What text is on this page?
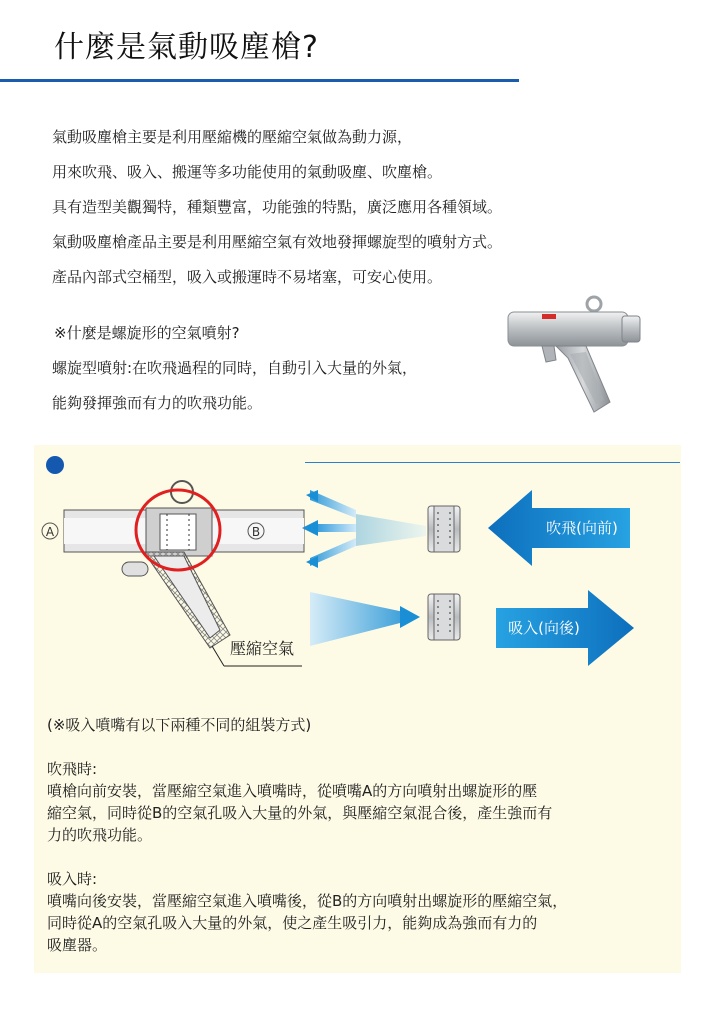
什麼是氣動吸塵槍?

氣動吸塵槍主要是利用壓縮機的壓縮空氣做為動力源，

用來吹飛、吸入、搬運等多功能使用的氣動吸塵、吹塵槍。

具有造型美觀獨特，種類豐富，功能強的特點，廣泛應用各種領域。

氣動吸塵槍產品主要是利用壓縮空氣有效地發揮螺旋型的噴射方式。

產品內部式空桶型，吸入或搬運時不易堵塞，可安心使用。

※什麼是螺旋形的空氣噴射?

螺旋型噴射:在吹飛過程的同時，自動引入大量的外氣，

能夠發揮強而有力的吹飛功能。

A	B
壓縮空氣
吹飛(向前)
吸入(向後)

(※吸入噴嘴有以下兩種不同的組裝方式)

吹飛時:

噴槍向前安裝，當壓縮空氣進入噴嘴時，從噴嘴A的方向噴射出螺旋形的壓

縮空氣，同時從B的空氣孔吸入大量的外氣，與壓縮空氣混合後，產生強而有

力的吹飛功能。

吸入時:

噴嘴向後安裝，當壓縮空氣進入噴嘴後，從B的方向噴射出螺旋形的壓縮空氣，

同時從A的空氣孔吸入大量的外氣，使之產生吸引力，能夠成為強而有力的

吸塵器。
